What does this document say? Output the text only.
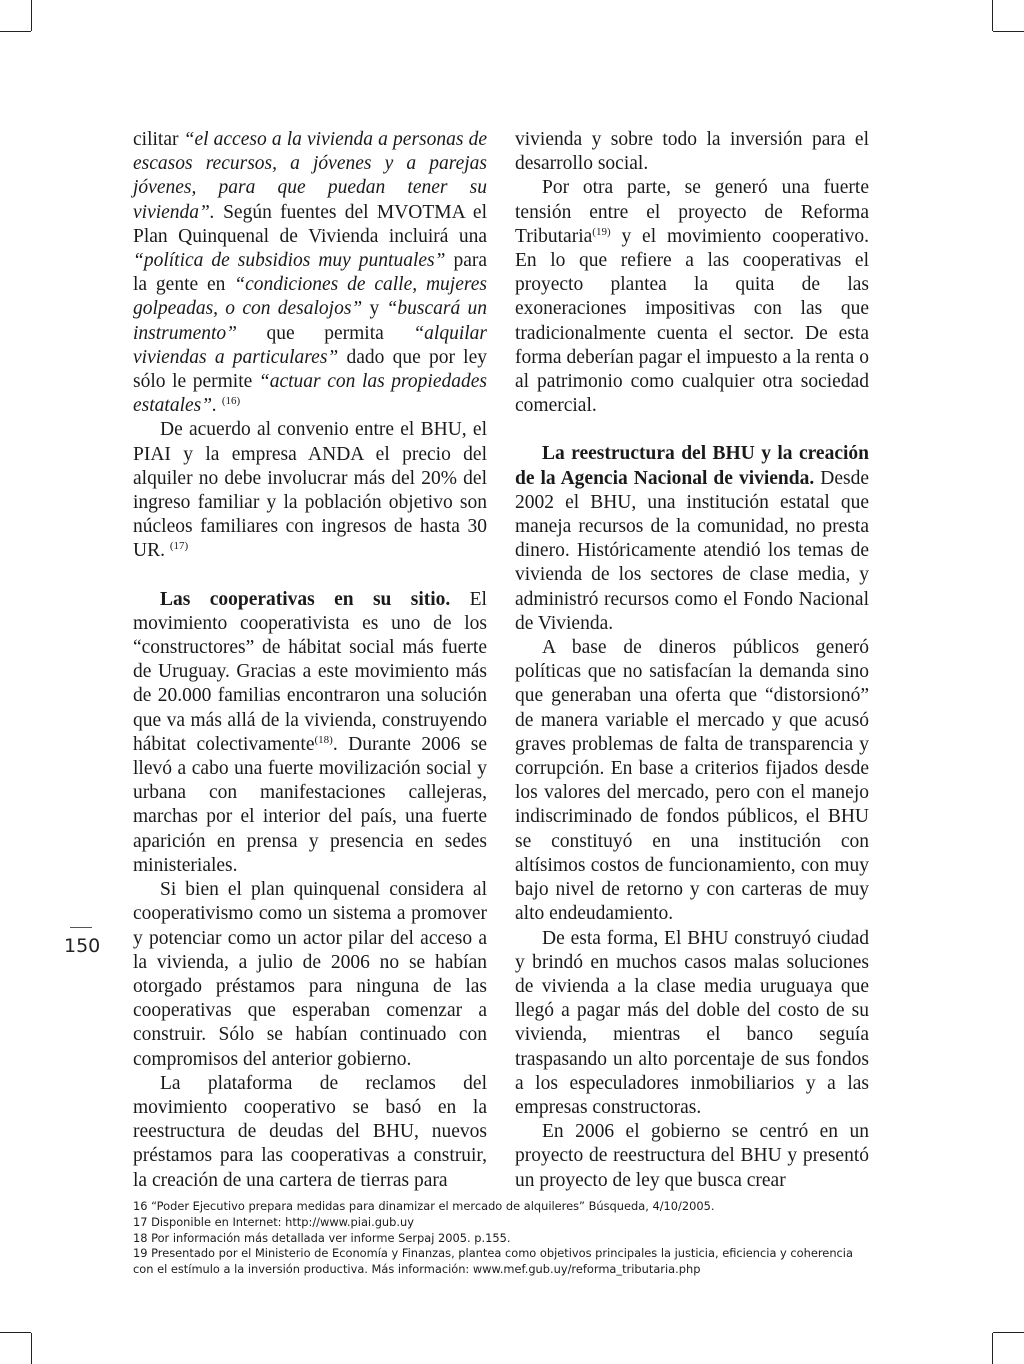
cilitar “el acceso a la vivienda a personas de escasos recursos, a jóvenes y a parejas jóvenes, para que puedan tener su vivienda”. Según fuentes del MVOTMA el Plan Quinquenal de Vivienda incluirá una “política de subsidios muy puntuales” para la gente en “condiciones de calle, mujeres golpeadas, o con desalojos” y “buscará un instrumento” que permita “alquilar viviendas a particulares” dado que por ley sólo le permite “actuar con las propiedades estatales”. $^{(16)}$

De acuerdo al convenio entre el BHU, el PIAI y la empresa ANDA el precio del alquiler no debe involucrar más del 20% del ingreso familiar y la población objetivo son núcleos familiares con ingresos de hasta 30 UR. $^{(17)}$

Las cooperativas en su sitio. El movimiento cooperativista es uno de los “constructores” de hábitat social más fuerte de Uruguay. Gracias a este movimiento más de 20.000 familias encontraron una solución que va más allá de la vivienda, construyendo hábitat colectivamente$^{(18)}$. Durante 2006 se llevó a cabo una fuerte movilización social y urbana con manifestaciones callejeras, marchas por el interior del país, una fuerte aparición en prensa y presencia en sedes ministeriales.

Si bien el plan quinquenal considera al cooperativismo como un sistema a promover y potenciar como un actor pilar del acceso a la vivienda, a julio de 2006 no se habían otorgado préstamos para ninguna de las cooperativas que esperaban comenzar a construir. Sólo se habían continuado con compromisos del anterior gobierno.

La plataforma de reclamos del movimiento cooperativo se basó en la reestructura de deudas del BHU, nuevos préstamos para las cooperativas a construir, la creación de una cartera de tierras para

vivienda y sobre todo la inversión para el desarrollo social.

Por otra parte, se generó una fuerte tensión entre el proyecto de Reforma Tributaria$^{(19)}$ y el movimiento cooperativo. En lo que refiere a las cooperativas el proyecto plantea la quita de las exoneraciones impositivas con las que tradicionalmente cuenta el sector. De esta forma deberían pagar el impuesto a la renta o al patrimonio como cualquier otra sociedad comercial.

La reestructura del BHU y la creación de la Agencia Nacional de vivienda. Desde 2002 el BHU, una institución estatal que maneja recursos de la comunidad, no presta dinero. Históricamente atendió los temas de vivienda de los sectores de clase media, y administró recursos como el Fondo Nacional de Vivienda.

A base de dineros públicos generó políticas que no satisfacían la demanda sino que generaban una oferta que “distorsionó” de manera variable el mercado y que acusó graves problemas de falta de transparencia y corrupción. En base a criterios fijados desde los valores del mercado, pero con el manejo indiscriminado de fondos públicos, el BHU se constituyó en una institución con altísimos costos de funcionamiento, con muy bajo nivel de retorno y con carteras de muy alto endeudamiento.

De esta forma, El BHU construyó ciudad y brindó en muchos casos malas soluciones de vivienda a la clase media uruguaya que llegó a pagar más del doble del costo de su vivienda, mientras el banco seguía traspasando un alto porcentaje de sus fondos a los especuladores inmobiliarios y a las empresas constructoras.

En 2006 el gobierno se centró en un proyecto de reestructura del BHU y presentó un proyecto de ley que busca crear

150
16 “Poder Ejecutivo prepara medidas para dinamizar el mercado de alquileres” Búsqueda, 4/10/2005.
17 Disponible en Internet: http://www.piai.gub.uy
18 Por información más detallada ver informe Serpaj 2005. p.155.
19 Presentado por el Ministerio de Economía y Finanzas, plantea como objetivos principales la justicia, eficiencia y coherencia
con el estímulo a la inversión productiva. Más información: www.mef.gub.uy/reforma_tributaria.php
